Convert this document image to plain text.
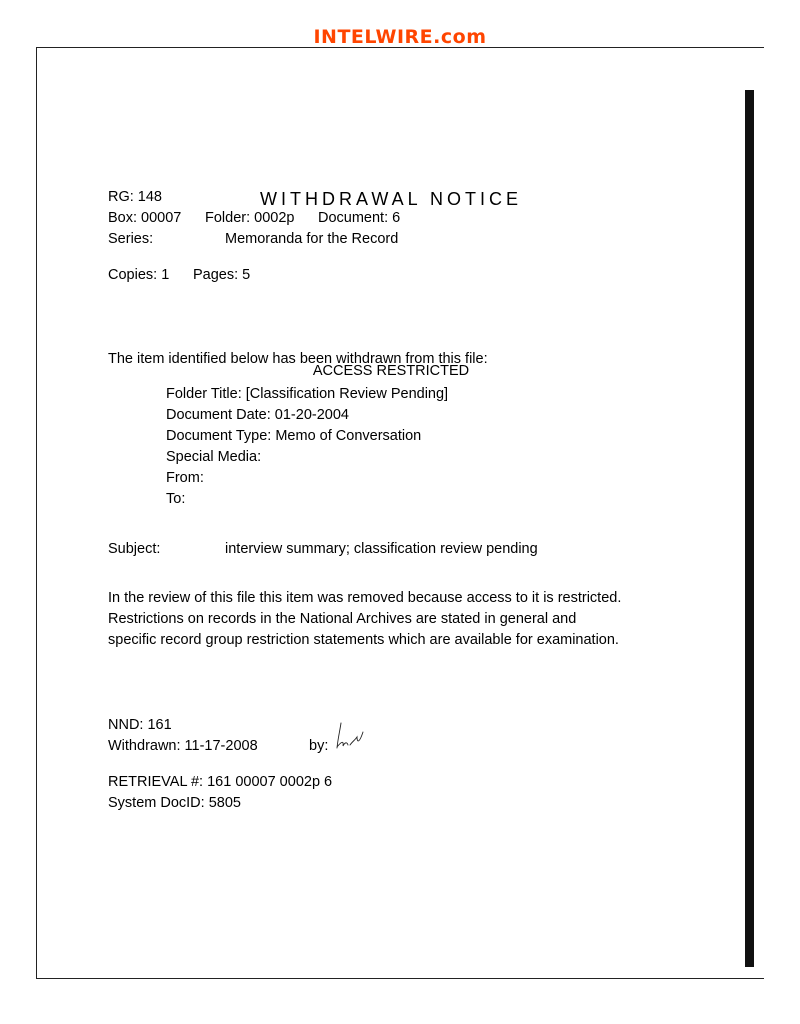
INTELWIRE.com
WITHDRAWAL NOTICE
ACCESS RESTRICTED
RG: 148
Box: 00007 Folder: 0002p Document: 6
Series:	Memoranda for the Record
Copies: 1 Pages: 5
The item identified below has been withdrawn from this file:
Folder Title: [Classification Review Pending]
Document Date: 01-20-2004
Document Type: Memo of Conversation
Special Media:
From:
To:
Subject:	interview summary; classification review pending
In the review of this file this item was removed because access to it is restricted. Restrictions on records in the National Archives are stated in general and specific record group restriction statements which are available for examination.
NND: 161
Withdrawn: 11-17-2008	by:
RETRIEVAL #: 161 00007 0002p 6
System DocID: 5805
